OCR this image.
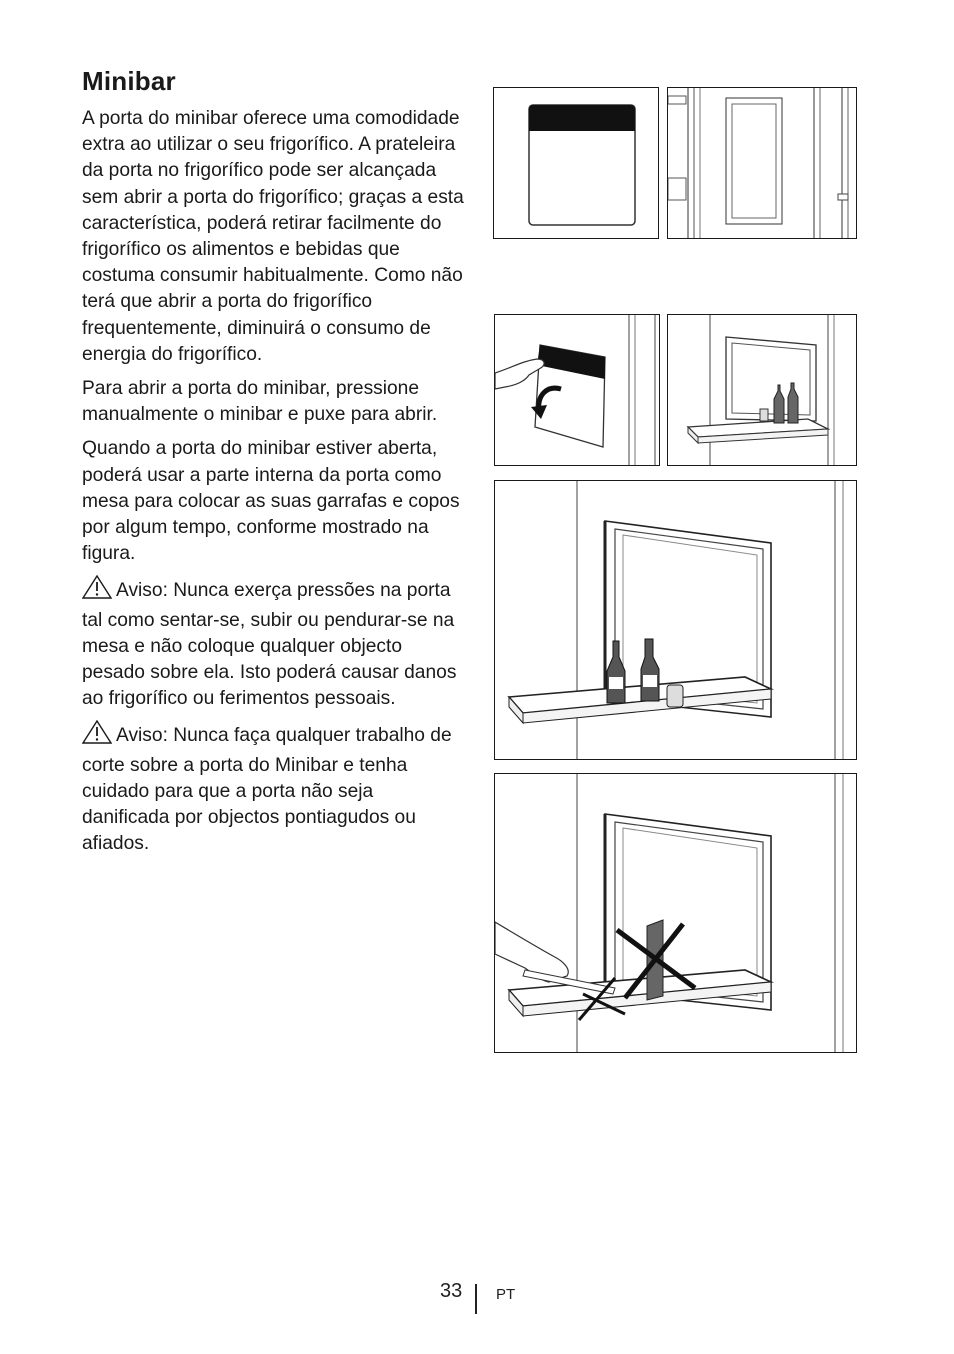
Minibar

A porta do minibar oferece uma comodidade extra ao utilizar o seu frigorífico. A prateleira da porta no frigorífico pode ser alcançada sem abrir a porta do frigorífico; graças a esta característica, poderá retirar facilmente do frigorífico os alimentos e bebidas que costuma consumir habitualmente. Como não terá que abrir a porta do frigorífico frequentemente, diminuirá o consumo de energia do frigorífico.

Para abrir a porta do minibar, pressione manualmente o minibar e puxe para abrir.

Quando a porta do minibar estiver aberta, poderá usar a parte interna da porta como mesa para colocar as suas garrafas e copos por algum tempo, conforme mostrado na figura.

Aviso: Nunca exerça pressões na porta tal como sentar-se, subir ou pendurar-se na mesa e não coloque qualquer objecto pesado sobre ela. Isto poderá causar danos ao frigorífico ou ferimentos pessoais.

Aviso: Nunca faça qualquer trabalho de corte sobre a porta do Minibar e tenha cuidado para que a porta não seja danificada por objectos pontiagudos ou afiados.

33 PT
